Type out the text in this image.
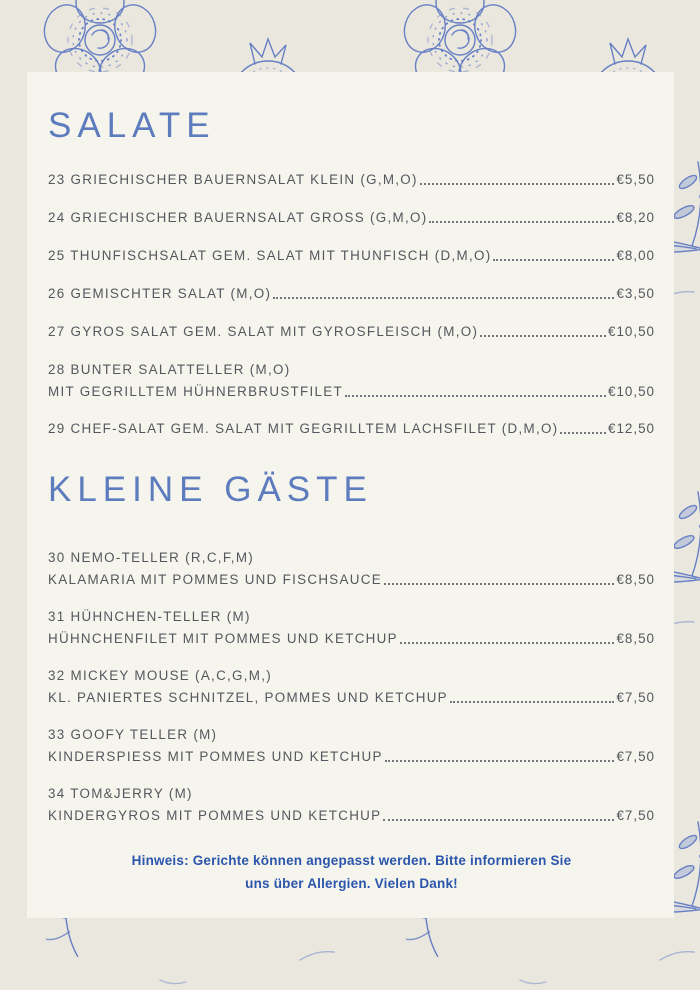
SALATE
23 GRIECHISCHER BAUERNSALAT KLEIN (G,M,O)	€5,50
24 GRIECHISCHER BAUERNSALAT GROSS (G,M,O)	€8,20
25 THUNFISCHSALAT GEM. SALAT MIT THUNFISCH (D,M,O)	€8,00
26 GEMISCHTER SALAT (M,O)	€3,50
27 GYROS SALAT GEM. SALAT MIT GYROSFLEISCH (M,O)	€10,50
28 BUNTER SALATTELLER (M,O)
MIT GEGRILLTEM HÜHNERBRUSTFILET	€10,50
29 CHEF-SALAT GEM. SALAT MIT GEGRILLTEM LACHSFILET (D,M,O)	€12,50
KLEINE GÄSTE
30 NEMO-TELLER (R,C,F,M)
KALAMARIA MIT POMMES UND FISCHSAUCE	€8,50
31 HÜHNCHEN-TELLER (M)
HÜHNCHENFILET MIT POMMES UND KETCHUP	€8,50
32 MICKEY MOUSE (A,C,G,M,)
KL. PANIERTES SCHNITZEL, POMMES UND KETCHUP	€7,50
33 GOOFY TELLER (M)
KINDERSPIESS MIT POMMES UND KETCHUP	€7,50
34 TOM&JERRY (M)
KINDERGYROS MIT POMMES UND KETCHUP	€7,50
Hinweis: Gerichte können angepasst werden. Bitte informieren Sie
uns über Allergien. Vielen Dank!
